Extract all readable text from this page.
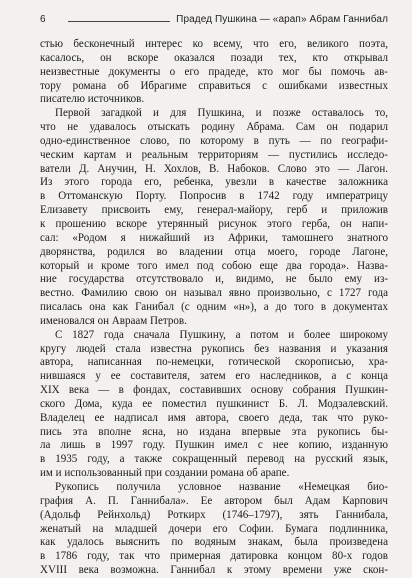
6	Прадед Пушкина — «арап» Абрам Ганнибал
стью бесконечный интерес ко всему, что его, великого поэта,
касалось, он вскоре оказался позади тех, кто открывал
неизвестные документы о его прадеде, кто мог бы помочь ав-
тору романа об Ибрагиме справиться с ошибками известных
писателю источников.
Первой загадкой и для Пушкина, и позже оставалось то,
что не удавалось отыскать родину Абрама. Сам он подарил
одно-единственное слово, по которому в путь — по географи-
ческим картам и реальным территориям — пустились исследо-
ватели Д. Анучин, Н. Хохлов, В. Набоков. Слово это — Лагон.
Из этого города его, ребенка, увезли в качестве заложника
в Оттоманскую Порту. Попросив в 1742 году императрицу
Елизавету присвоить ему, генерал-майору, герб и приложив
к прошению вскоре утерянный рисунок этого герба, он напи-
сал: «Родом я нижайший из Африки, тамошнего знатного
дворянства, родился во владении отца моего, городе Лагоне,
который и кроме того имел под собою еще два города». Назва-
ние государства отсутствовало и, видимо, не было ему из-
вестно. Фамилию свою он называл явно произвольно, с 1727 года
писалась она как Ганибал (с одним «н»), а до того в документах
именовался он Авраам Петров.
С 1827 года сначала Пушкину, а потом и более широкому
кругу людей стала известна рукопись без названия и указания
автора, написанная по-немецки, готической скорописью, хра-
нившаяся у ее составителя, затем его наследников, а с конца
XIX века — в фондах, составивших основу собрания Пушкин-
ского Дома, куда ее поместил пушкинист Б. Л. Модзалевский.
Владелец ее надписал имя автора, своего деда, так что руко-
пись эта вполне ясна, но издана впервые эта рукопись бы-
ла лишь в 1997 году. Пушкин имел с нее копию, изданную
в 1935 году, а также сокращенный перевод на русский язык,
им и использованный при создании романа об арапе.
Рукопись получила условное название «Немецкая био-
графия А. П. Ганнибала». Ее автором был Адам Карпович
(Адольф Рейнхольд) Роткирх (1746–1797), зять Ганнибала,
женатый на младшей дочери его Софии. Бумага подлинника,
как удалось выяснить по водяным знакам, была произведена
в 1786 году, так что примерная датировка концом 80-х годов
XVIII века возможна. Ганнибал к этому времени уже скон-
